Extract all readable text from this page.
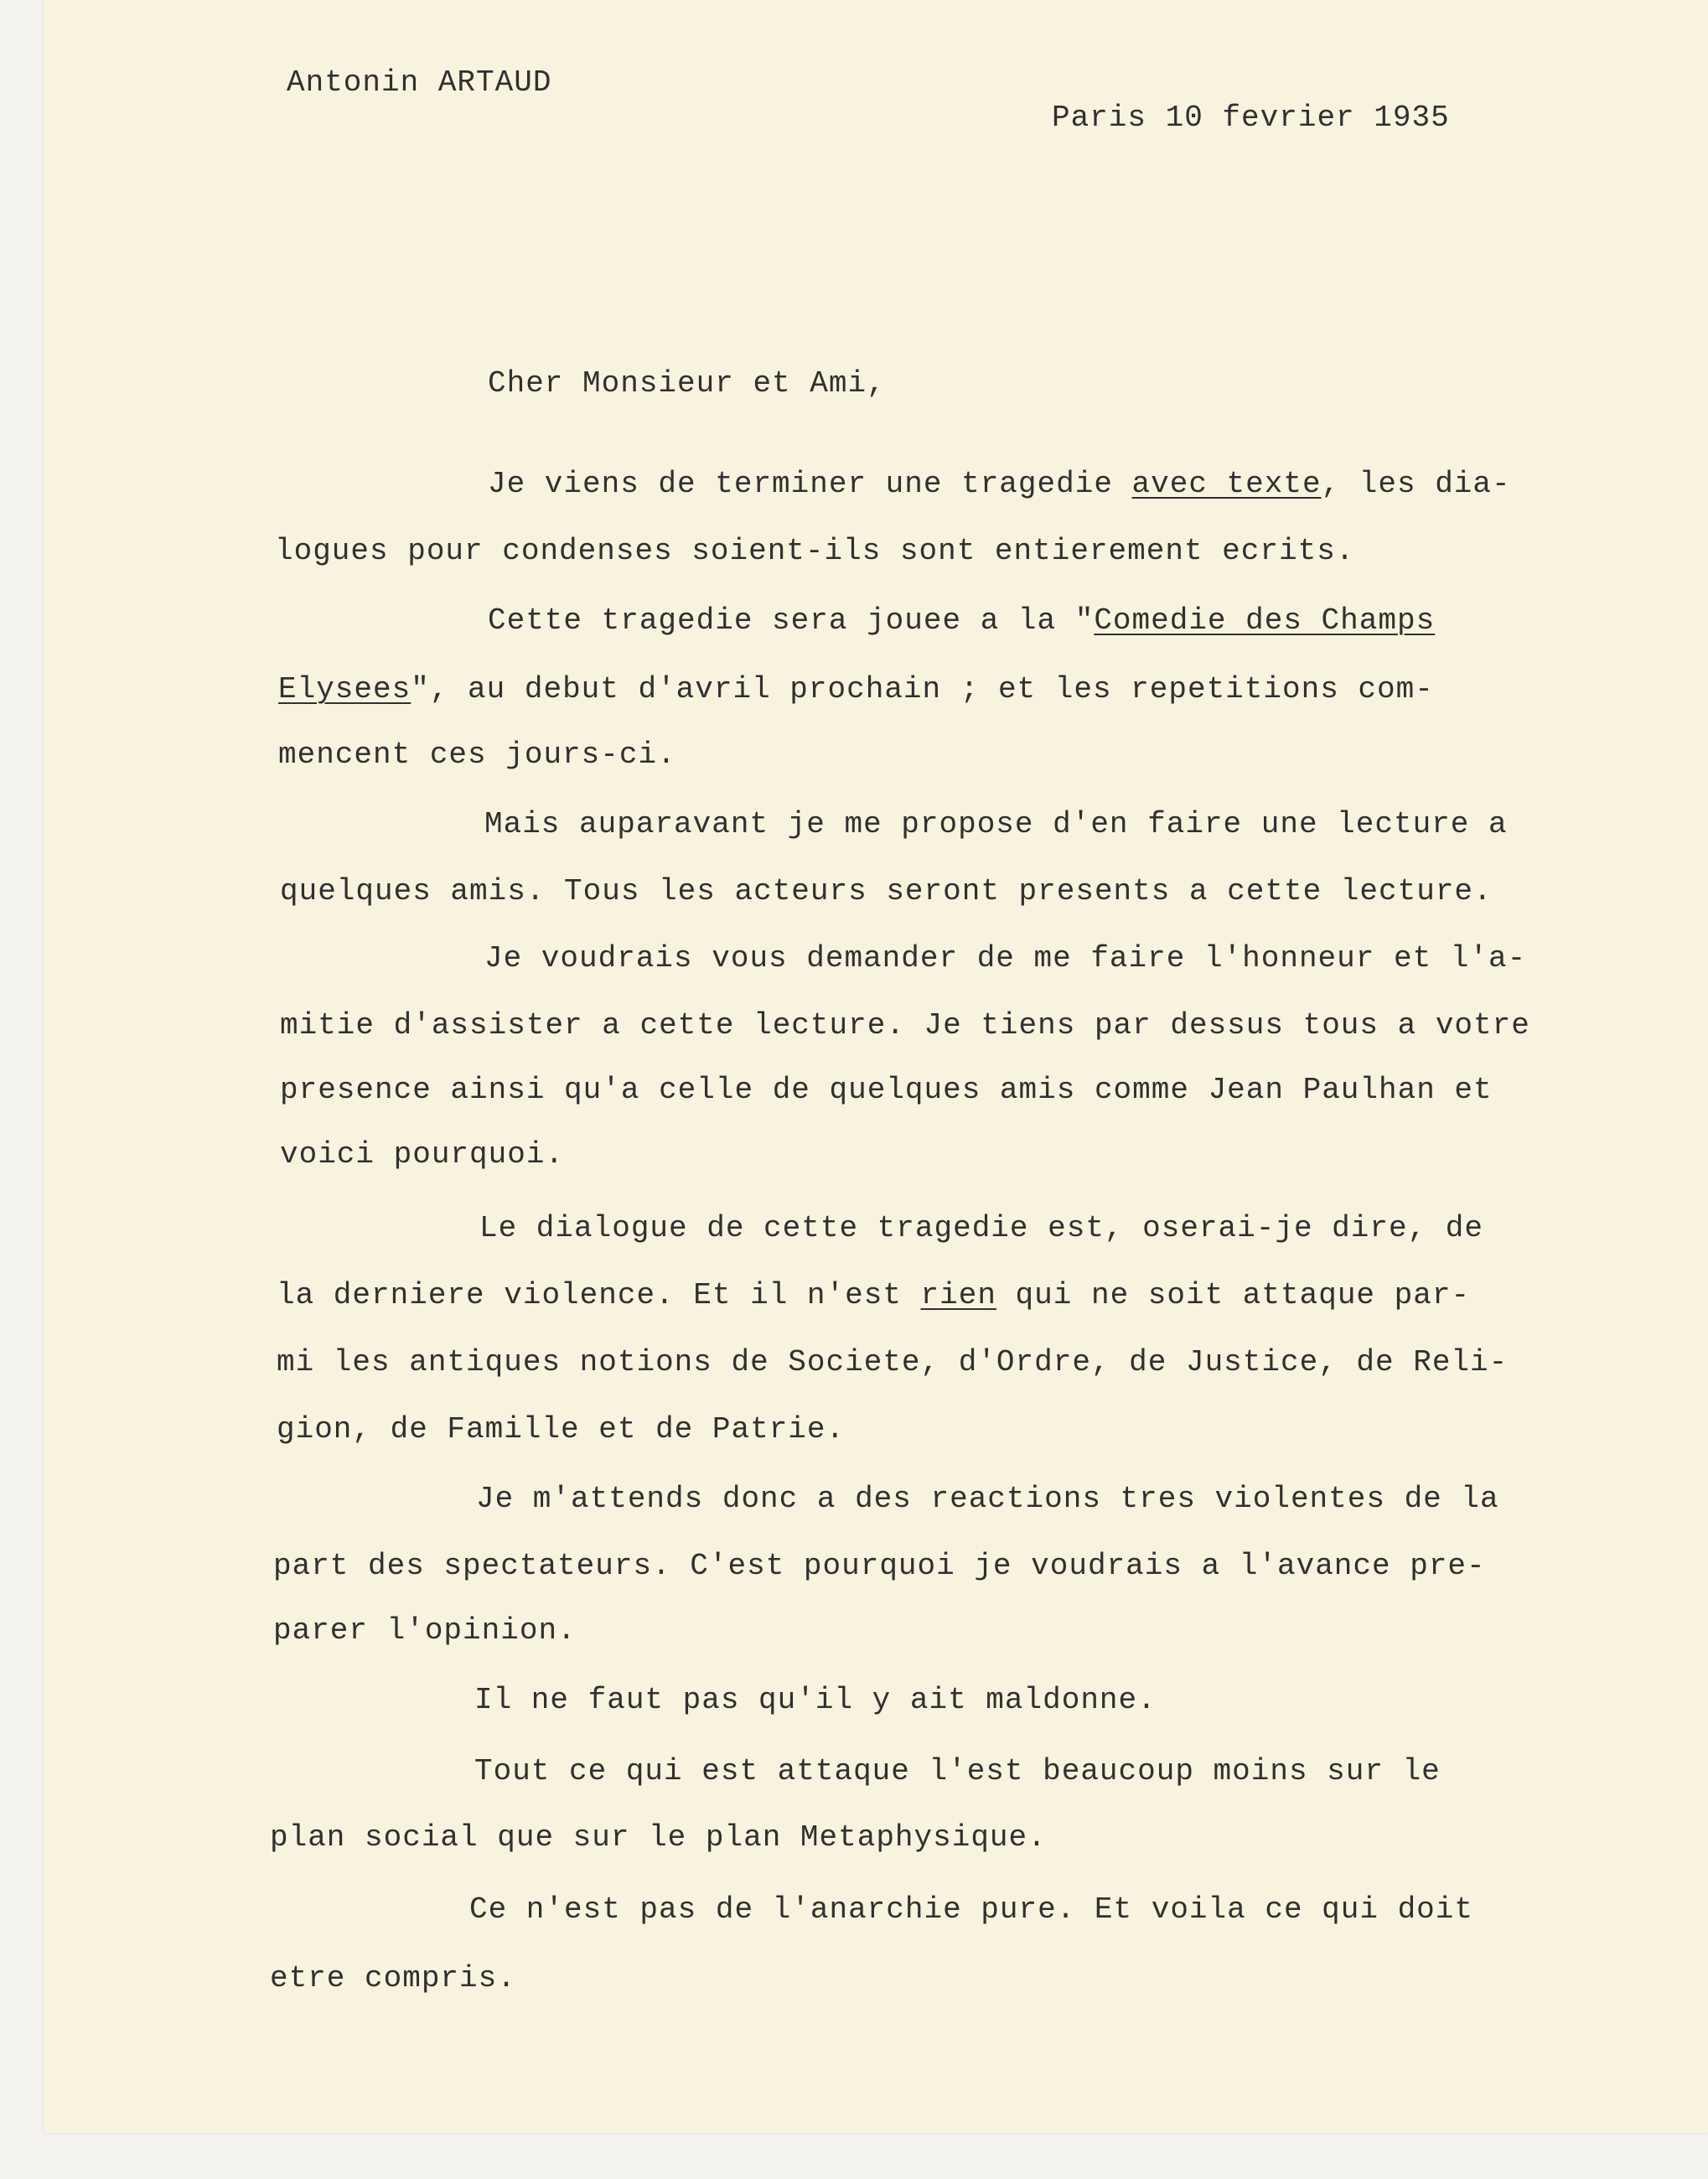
Antonin ARTAUD
Paris 10 fevrier 1935
Cher Monsieur et Ami,
Je viens de terminer une tragedie avec texte, les dia-
logues pour condenses soient-ils sont entierement ecrits.
Cette tragedie sera jouee a la "Comedie des Champs
Elysees", au debut d'avril prochain ; et les repetitions com-
mencent ces jours-ci.
Mais auparavant je me propose d'en faire une lecture a
quelques amis. Tous les acteurs seront presents a cette lecture.
Je voudrais vous demander de me faire l'honneur et l'a-
mitie d'assister a cette lecture. Je tiens par dessus tous a votre
presence ainsi qu'a celle de quelques amis comme Jean Paulhan et
voici pourquoi.
Le dialogue de cette tragedie est, oserai-je dire, de
la derniere violence. Et il n'est rien qui ne soit attaque par-
mi les antiques notions de Societe, d'Ordre, de Justice, de Reli-
gion, de Famille et de Patrie.
Je m'attends donc a des reactions tres violentes de la
part des spectateurs. C'est pourquoi je voudrais a l'avance pre-
parer l'opinion.
Il ne faut pas qu'il y ait maldonne.
Tout ce qui est attaque l'est beaucoup moins sur le
plan social que sur le plan Metaphysique.
Ce n'est pas de l'anarchie pure. Et voila ce qui doit
etre compris.
